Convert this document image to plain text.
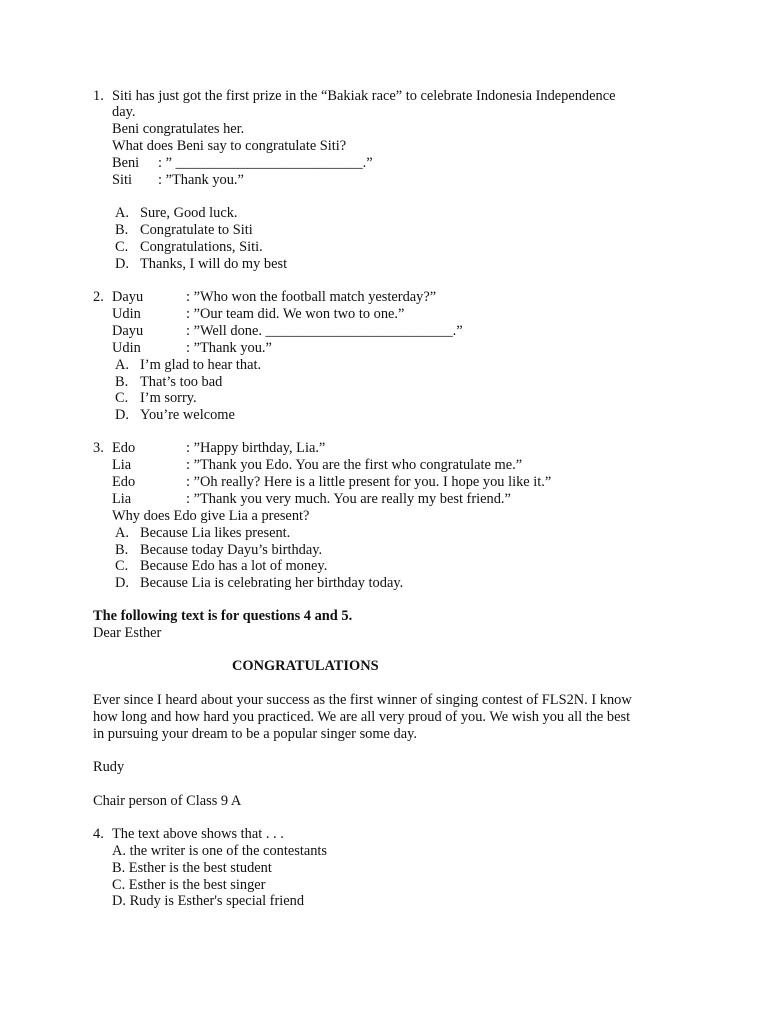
1. Siti has just got the first prize in the “Bakiak race” to celebrate Indonesia Independence
day.
Beni congratulates her.
What does Beni say to congratulate Siti?
Beni : ” __________________________.”
Siti : ”Thank you.”
A. Sure, Good luck.
B. Congratulate to Siti
C. Congratulations, Siti.
D. Thanks, I will do my best
2. Dayu	: ”Who won the football match yesterday?”
Udin	: ”Our team did. We won two to one.”
Dayu	: ”Well done. __________________________.”
Udin	: ”Thank you.”
A. I’m glad to hear that.
B. That’s too bad
C. I’m sorry.
D. You’re welcome
3. Edo	: ”Happy birthday, Lia.”
Lia	: ”Thank you Edo. You are the first who congratulate me.”
Edo	: ”Oh really? Here is a little present for you. I hope you like it.”
Lia	: ”Thank you very much. You are really my best friend.”
Why does Edo give Lia a present?
A. Because Lia likes present.
B. Because today Dayu’s birthday.
C. Because Edo has a lot of money.
D. Because Lia is celebrating her birthday today.
The following text is for questions 4 and 5.
Dear Esther
CONGRATULATIONS
Ever since I heard about your success as the first winner of singing contest of FLS2N. I know
how long and how hard you practiced. We are all very proud of you. We wish you all the best
in pursuing your dream to be a popular singer some day.
Rudy
Chair person of Class 9 A
4. The text above shows that . . .
A. the writer is one of the contestants
B. Esther is the best student
C. Esther is the best singer
D. Rudy is Esther's special friend
